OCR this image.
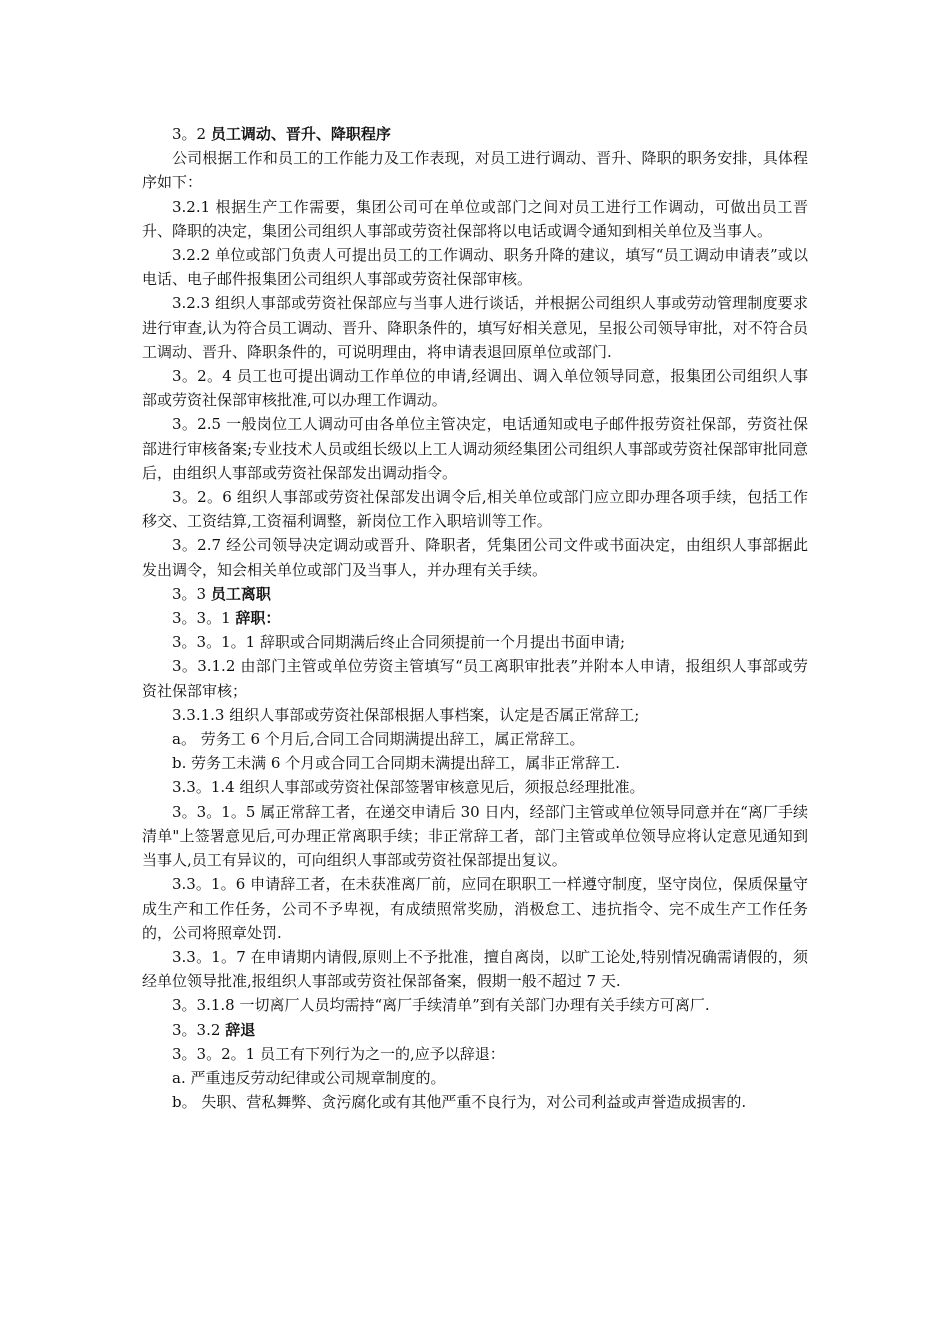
3。2 员工调动、晋升、降职程序

公司根据工作和员工的工作能力及工作表现，对员工进行调动、晋升、降职的职务安排，具体程序如下：

3.2.1 根据生产工作需要，集团公司可在单位或部门之间对员工进行工作调动，可做出员工晋升、降职的决定，集团公司组织人事部或劳资社保部将以电话或调令通知到相关单位及当事人。

3.2.2 单位或部门负责人可提出员工的工作调动、职务升降的建议，填写“员工调动申请表”或以电话、电子邮件报集团公司组织人事部或劳资社保部审核。

3.2.3 组织人事部或劳资社保部应与当事人进行谈话，并根据公司组织人事或劳动管理制度要求进行审查,认为符合员工调动、晋升、降职条件的，填写好相关意见，呈报公司领导审批，对不符合员工调动、晋升、降职条件的，可说明理由，将申请表退回原单位或部门.

3。2。4 员工也可提出调动工作单位的申请,经调出、调入单位领导同意，报集团公司组织人事部或劳资社保部审核批准,可以办理工作调动。

3。2.5 一般岗位工人调动可由各单位主管决定，电话通知或电子邮件报劳资社保部，劳资社保部进行审核备案;专业技术人员或组长级以上工人调动须经集团公司组织人事部或劳资社保部审批同意后，由组织人事部或劳资社保部发出调动指令。

3。2。6 组织人事部或劳资社保部发出调令后,相关单位或部门应立即办理各项手续，包括工作移交、工资结算,工资福利调整，新岗位工作入职培训等工作。

3。2.7 经公司领导决定调动或晋升、降职者，凭集团公司文件或书面决定，由组织人事部据此发出调令，知会相关单位或部门及当事人，并办理有关手续。

3。3 员工离职

3。3。1 辞职：

3。3。1。1 辞职或合同期满后终止合同须提前一个月提出书面申请;

3。3.1.2 由部门主管或单位劳资主管填写“员工离职审批表”并附本人申请，报组织人事部或劳资社保部审核；

3.3.1.3 组织人事部或劳资社保部根据人事档案，认定是否属正常辞工;

a。 劳务工 6 个月后,合同工合同期满提出辞工，属正常辞工。

b. 劳务工未满 6 个月或合同工合同期未满提出辞工，属非正常辞工.

3.3。1.4 组织人事部或劳资社保部签署审核意见后，须报总经理批准。

3。3。1。5 属正常辞工者，在递交申请后 30 日内，经部门主管或单位领导同意并在“离厂手续清单"上签署意见后,可办理正常离职手续；非正常辞工者，部门主管或单位领导应将认定意见通知到当事人,员工有异议的，可向组织人事部或劳资社保部提出复议。

3.3。1。6 申请辞工者，在未获准离厂前，应同在职职工一样遵守制度，坚守岗位，保质保量守成生产和工作任务，公司不予卑视，有成绩照常奖励，消极怠工、违抗指令、完不成生产工作任务的，公司将照章处罚.

3.3。1。7 在申请期内请假,原则上不予批准，擅自离岗，以旷工论处,特别情况确需请假的，须经单位领导批准,报组织人事部或劳资社保部备案，假期一般不超过 7 天.

3。3.1.8 一切离厂人员均需持“离厂手续清单”到有关部门办理有关手续方可离厂.

3。3.2 辞退

3。3。2。1 员工有下列行为之一的,应予以辞退：

a. 严重违反劳动纪律或公司规章制度的。

b。 失职、营私舞弊、贪污腐化或有其他严重不良行为，对公司利益或声誉造成损害的.
